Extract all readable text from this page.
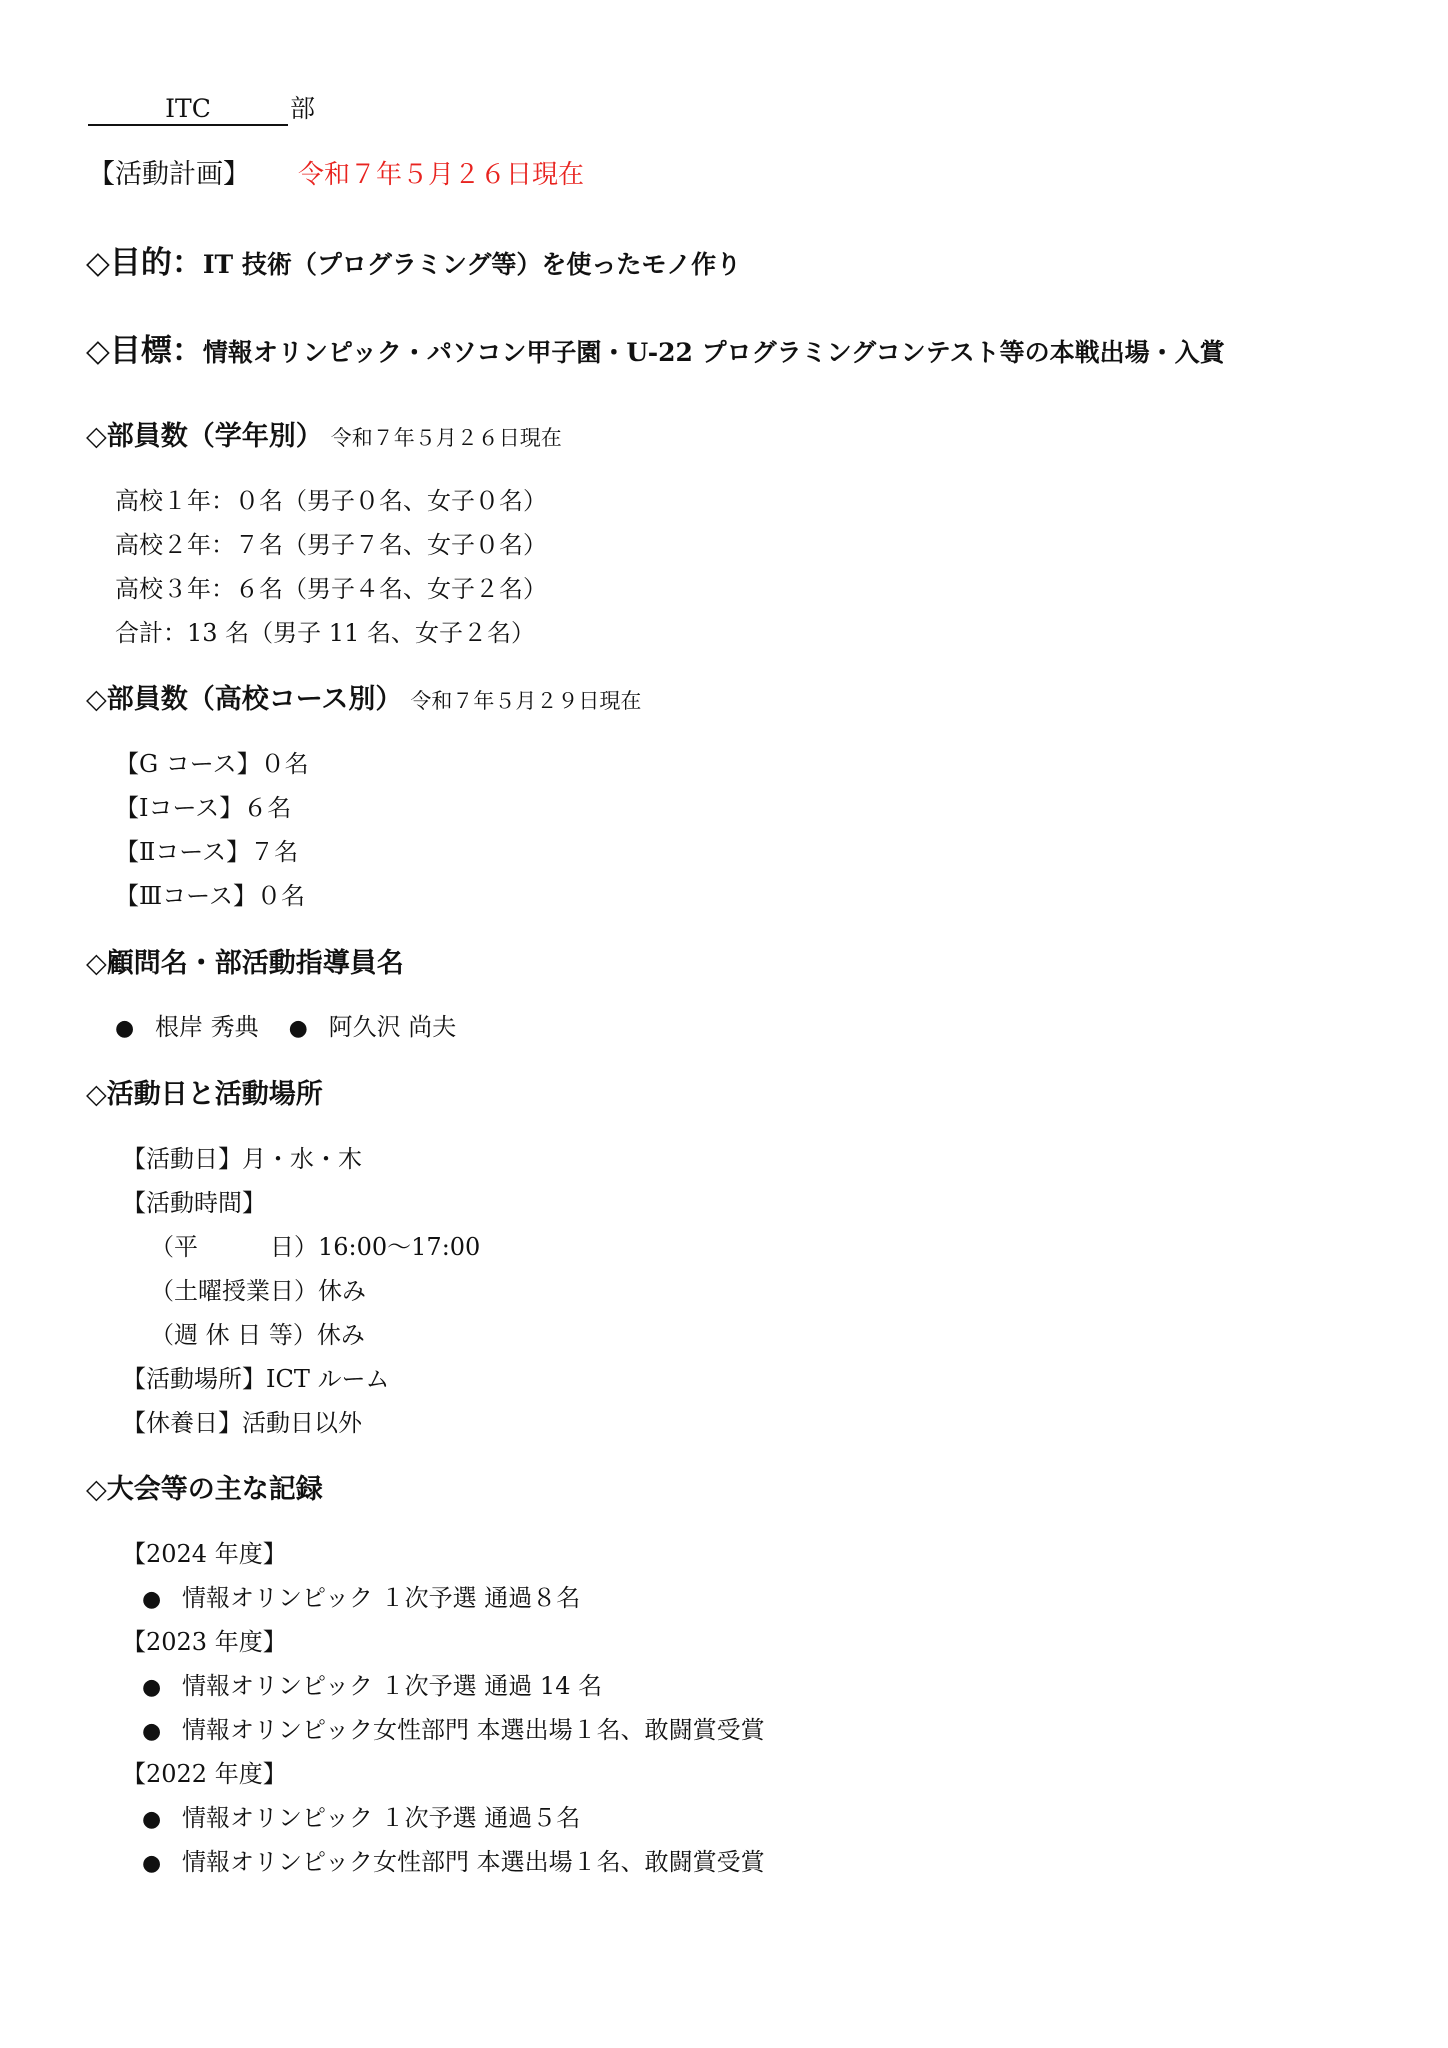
ITC	部
【活動計画】 令和７年５月２６日現在
◇目的：IT 技術（プログラミング等）を使ったモノ作り
◇目標：情報オリンピック・パソコン甲子園・U-22 プログラミングコンテスト等の本戦出場・入賞
◇部員数（学年別） 令和７年５月２６日現在
高校１年：０名（男子０名、女子０名）
高校２年：７名（男子７名、女子０名）
高校３年：６名（男子４名、女子２名）
合計：13 名（男子 11 名、女子２名）
◇部員数（高校コース別） 令和７年５月２９日現在
【G コース】０名
【Ⅰコース】６名
【Ⅱコース】７名
【Ⅲコース】０名
◇顧問名・部活動指導員名
● 根岸 秀典 ● 阿久沢 尚夫
◇活動日と活動場所
【活動日】月・水・木
【活動時間】
（平　　　日）16:00〜17:00
（土曜授業日）休み
（週 休 日 等）休み
【活動場所】ICT ルーム
【休養日】活動日以外
◇大会等の主な記録
【2024 年度】
● 情報オリンピック １次予選 通過８名
【2023 年度】
● 情報オリンピック １次予選 通過 14 名
● 情報オリンピック女性部門 本選出場１名、敢闘賞受賞
【2022 年度】
● 情報オリンピック １次予選 通過５名
● 情報オリンピック女性部門 本選出場１名、敢闘賞受賞
